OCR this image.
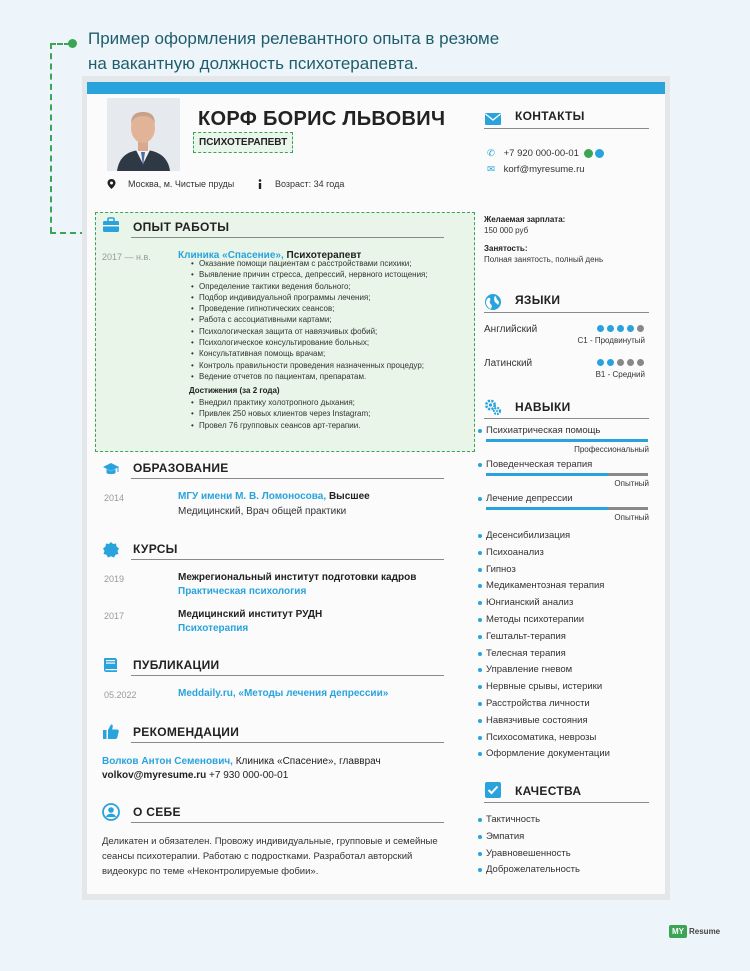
Пример оформления релевантного опыта в резюме
на вакантную должность психотерапевта.
КОРФ БОРИС ЛЬВОВИЧ
ПСИХОТЕРАПЕВТ
Москва, м. Чистые пруды	Возраст: 34 года
ОПЫТ РАБОТЫ
2017 — н.в.	Клиника «Спасение», Психотерапевт
• Оказание помощи пациентам с расстройствами психики;
• Выявление причин стресса, депрессий, нервного истощения;
• Определение тактики ведения больного;
• Подбор индивидуальной программы лечения;
• Проведение гипнотических сеансов;
• Работа с ассоциативными картами;
• Психологическая защита от навязчивых фобий;
• Психологическое консультирование больных;
• Консультативная помощь врачам;
• Контроль правильности проведения назначенных процедур;
• Ведение отчетов по пациентам, препаратам.
Достижения (за 2 года)
• Внедрил практику холотропного дыхания;
• Привлек 250 новых клиентов через Instagram;
• Провел 76 групповых сеансов арт-терапии.
ОБРАЗОВАНИЕ
2014	МГУ имени М. В. Ломоносова, Высшее
Медицинский, Врач общей практики
КУРСЫ
2019	Межрегиональный институт подготовки кадров
Практическая психология
2017	Медицинский институт РУДН
Психотерапия
ПУБЛИКАЦИИ
05.2022	Meddaily.ru, «Методы лечения депрессии»
РЕКОМЕНДАЦИИ
Волков Антон Семенович, Клиника «Спасение», главврач
volkov@myresume.ru +7 930 000-00-01
О СЕБЕ
Деликатен и обязателен. Провожу индивидуальные, групповые и семейные сеансы психотерапии. Работаю с подростками. Разработал авторский видеокурс по теме «Неконтролируемые фобии».
КОНТАКТЫ
✆ +7 920 000-00-01
✉ korf@myresume.ru
Желаемая зарплата:
150 000 руб
Занятость:
Полная занятость, полный день
ЯЗЫКИ
Английский
C1 - Продвинутый
Латинский
B1 - Средний
НАВЫКИ
Психиатрическая помощь
Профессиональный
Поведенческая терапия
Опытный
Лечение депрессии
Опытный
Десенсибилизация
Психоанализ
Гипноз
Медикаментозная терапия
Юнгианский анализ
Методы психотерапии
Гештальт-терапия
Телесная терапия
Управление гневом
Нервные срывы, истерики
Расстройства личности
Навязчивые состояния
Психосоматика, неврозы
Оформление документации
КАЧЕСТВА
Тактичность
Эмпатия
Уравновешенность
Доброжелательность
MY Resume
